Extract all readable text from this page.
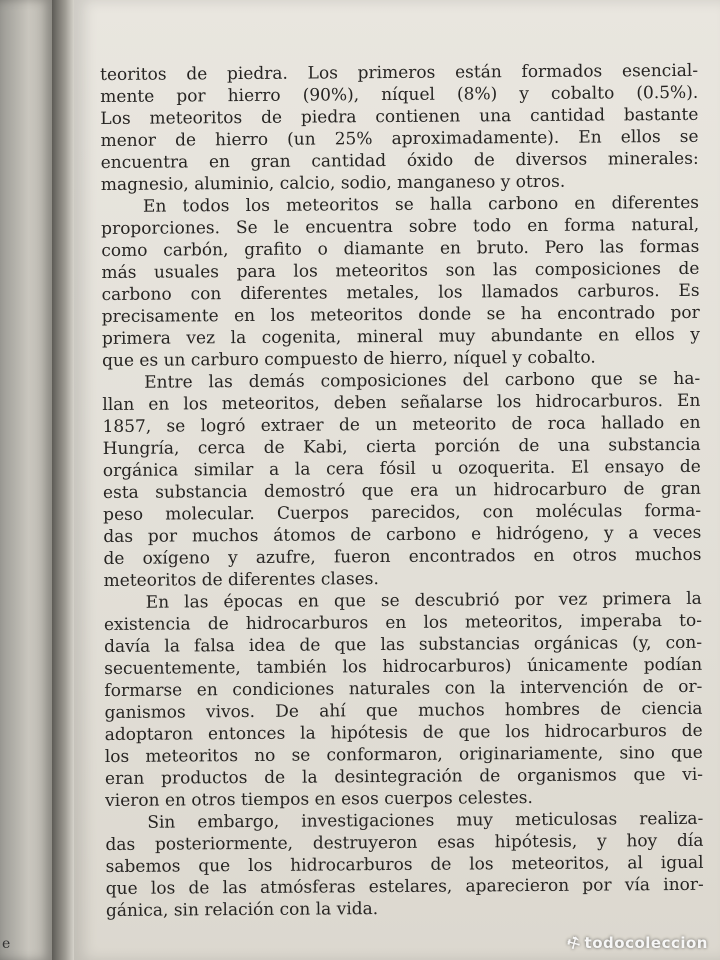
e

teoritos de piedra. Los primeros están formados esencial-
mente por hierro (90%), níquel (8%) y cobalto (0.5%).
Los meteoritos de piedra contienen una cantidad bastante
menor de hierro (un 25% aproximadamente). En ellos se
encuentra en gran cantidad óxido de diversos minerales:
magnesio, aluminio, calcio, sodio, manganeso y otros.

En todos los meteoritos se halla carbono en diferentes
proporciones. Se le encuentra sobre todo en forma natural,
como carbón, grafito o diamante en bruto. Pero las formas
más usuales para los meteoritos son las composiciones de
carbono con diferentes metales, los llamados carburos. Es
precisamente en los meteoritos donde se ha encontrado por
primera vez la cogenita, mineral muy abundante en ellos y
que es un carburo compuesto de hierro, níquel y cobalto.

Entre las demás composiciones del carbono que se ha-
llan en los meteoritos, deben señalarse los hidrocarburos. En
1857, se logró extraer de un meteorito de roca hallado en
Hungría, cerca de Kabi, cierta porción de una substancia
orgánica similar a la cera fósil u ozoquerita. El ensayo de
esta substancia demostró que era un hidrocarburo de gran
peso molecular. Cuerpos parecidos, con moléculas forma-
das por muchos átomos de carbono e hidrógeno, y a veces
de oxígeno y azufre, fueron encontrados en otros muchos
meteoritos de diferentes clases.

En las épocas en que se descubrió por vez primera la
existencia de hidrocarburos en los meteoritos, imperaba to-
davía la falsa idea de que las substancias orgánicas (y, con-
secuentemente, también los hidrocarburos) únicamente podían
formarse en condiciones naturales con la intervención de or-
ganismos vivos. De ahí que muchos hombres de ciencia
adoptaron entonces la hipótesis de que los hidrocarburos de
los meteoritos no se conformaron, originariamente, sino que
eran productos de la desintegración de organismos que vi-
vieron en otros tiempos en esos cuerpos celestes.

Sin embargo, investigaciones muy meticulosas realiza-
das posteriormente, destruyeron esas hipótesis, y hoy día
sabemos que los hidrocarburos de los meteoritos, al igual
que los de las atmósferas estelares, aparecieron por vía inor-
gánica, sin relación con la vida.

⚒todocoleccion
